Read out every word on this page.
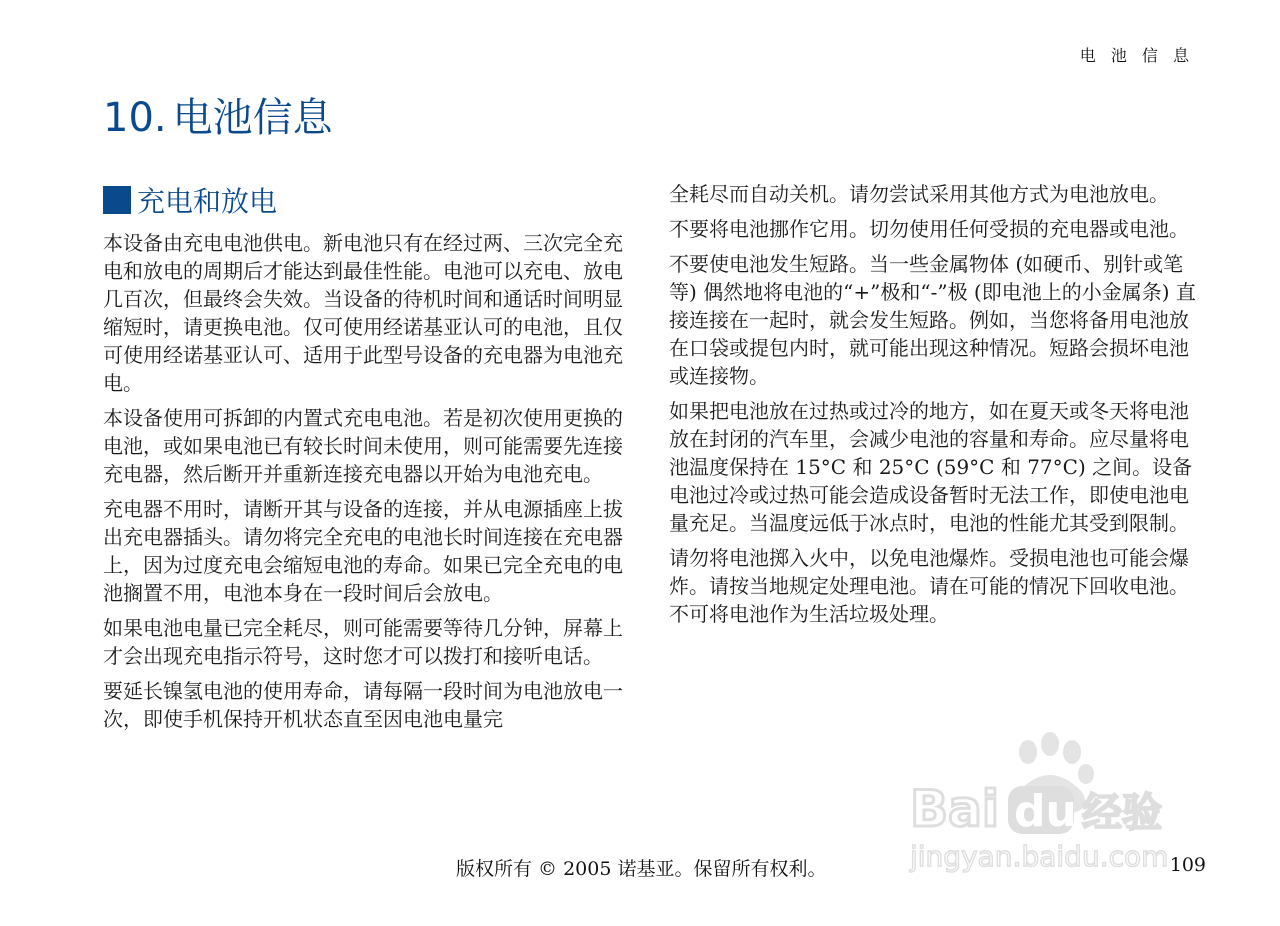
电 池 信 息
10. 电池信息
充电和放电

本设备由充电电池供电。新电池只有在经过两、三次完全充电和放电的周期后才能达到最佳性能。电池可以充电、放电几百次，但最终会失效。当设备的待机时间和通话时间明显缩短时，请更换电池。仅可使用经诺基亚认可的电池，且仅可使用经诺基亚认可、适用于此型号设备的充电器为电池充电。

本设备使用可拆卸的内置式充电电池。若是初次使用更换的电池，或如果电池已有较长时间未使用，则可能需要先连接充电器，然后断开并重新连接充电器以开始为电池充电。

充电器不用时，请断开其与设备的连接，并从电源插座上拔出充电器插头。请勿将完全充电的电池长时间连接在充电器上，因为过度充电会缩短电池的寿命。如果已完全充电的电池搁置不用，电池本身在一段时间后会放电。

如果电池电量已完全耗尽，则可能需要等待几分钟，屏幕上才会出现充电指示符号，这时您才可以拨打和接听电话。

要延长镍氢电池的使用寿命，请每隔一段时间为电池放电一次，即使手机保持开机状态直至因电池电量完

全耗尽而自动关机。请勿尝试采用其他方式为电池放电。

不要将电池挪作它用。切勿使用任何受损的充电器或电池。

不要使电池发生短路。当一些金属物体 (如硬币、别针或笔等) 偶然地将电池的“+”极和“-”极 (即电池上的小金属条) 直接连接在一起时，就会发生短路。例如，当您将备用电池放在口袋或提包内时，就可能出现这种情况。短路会损坏电池或连接物。

如果把电池放在过热或过冷的地方，如在夏天或冬天将电池放在封闭的汽车里，会减少电池的容量和寿命。应尽量将电池温度保持在 15°C 和 25°C (59°C 和 77°C) 之间。设备电池过冷或过热可能会造成设备暂时无法工作，即使电池电量充足。当温度远低于冰点时，电池的性能尤其受到限制。

请勿将电池掷入火中，以免电池爆炸。受损电池也可能会爆炸。请按当地规定处理电池。请在可能的情况下回收电池。不可将电池作为生活垃圾处理。

Bai du 经验
jingyan.baidu.com
版权所有 © 2005 诺基亚。保留所有权利。	109
